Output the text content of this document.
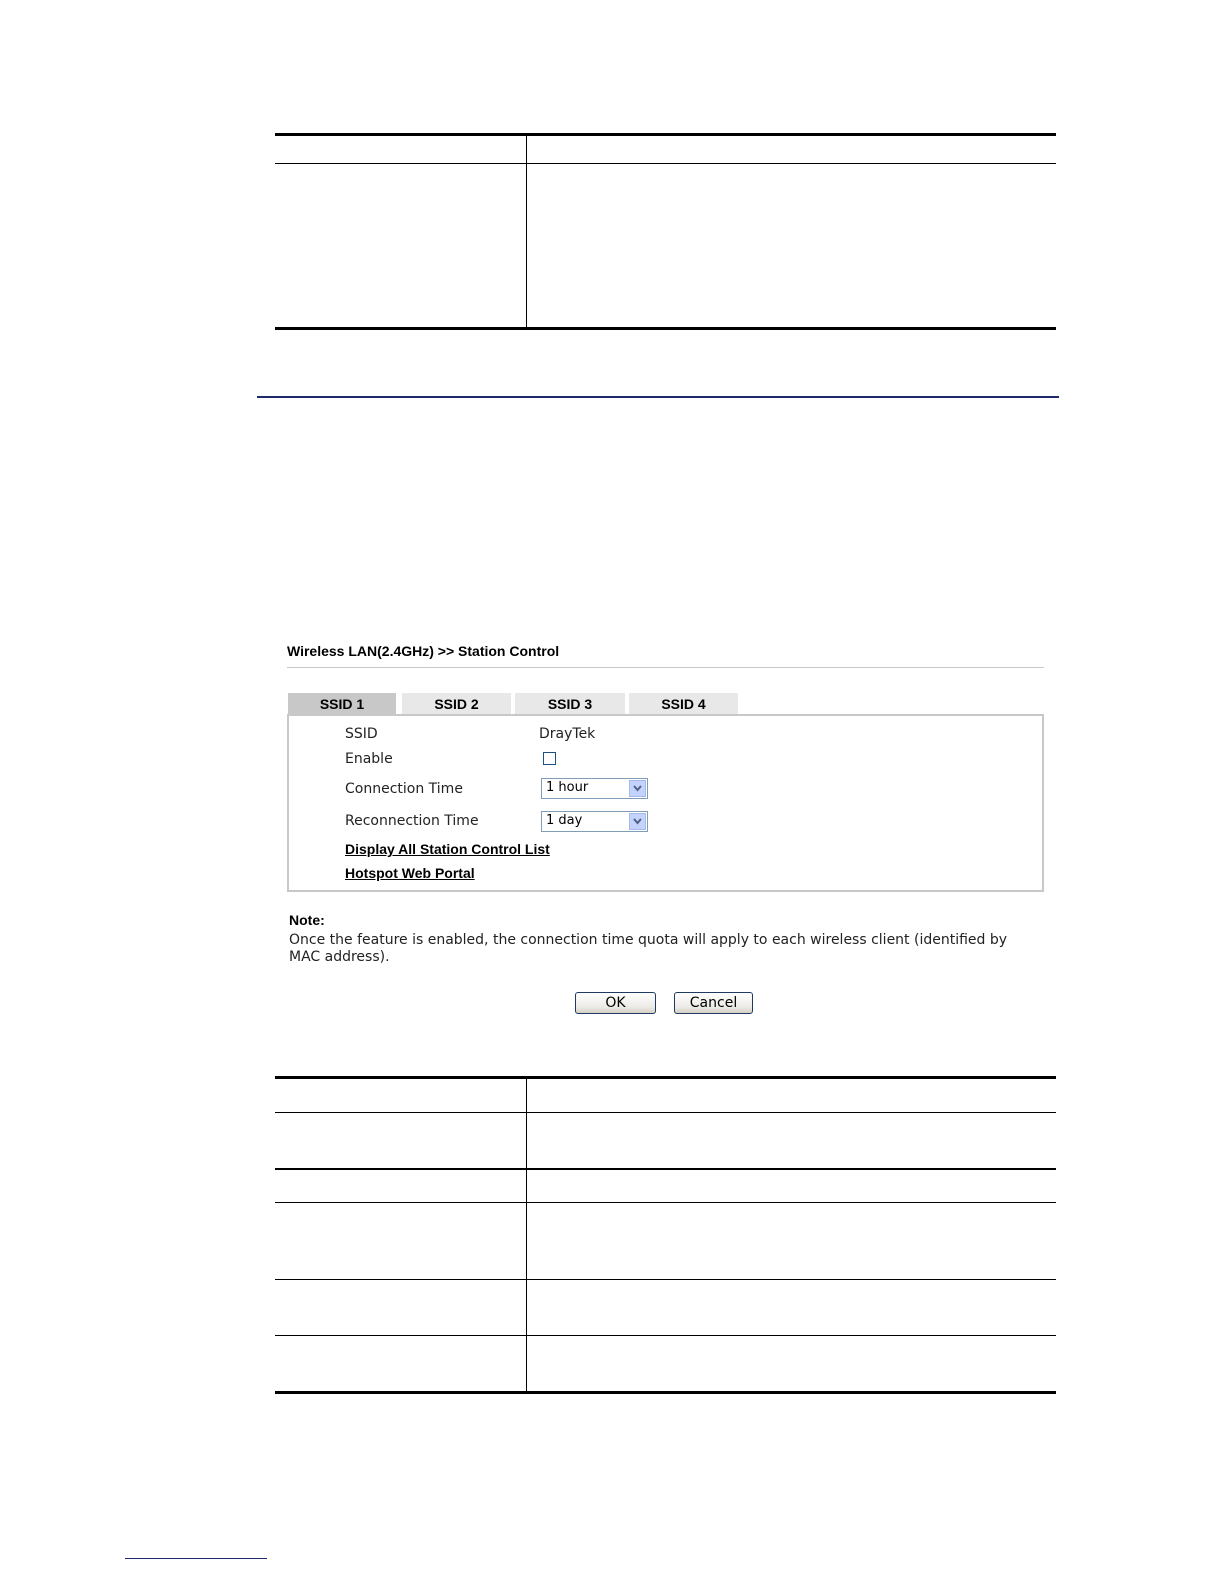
Wireless LAN(2.4GHz) >> Station Control
SSID 1	SSID 2	SSID 3	SSID 4
SSID	DrayTek
Enable
Connection Time	1 hour
Reconnection Time	1 day
Display All Station Control List
Hotspot Web Portal
Note:
Once the feature is enabled, the connection time quota will apply to each wireless client (identified by MAC address).
OK	Cancel
